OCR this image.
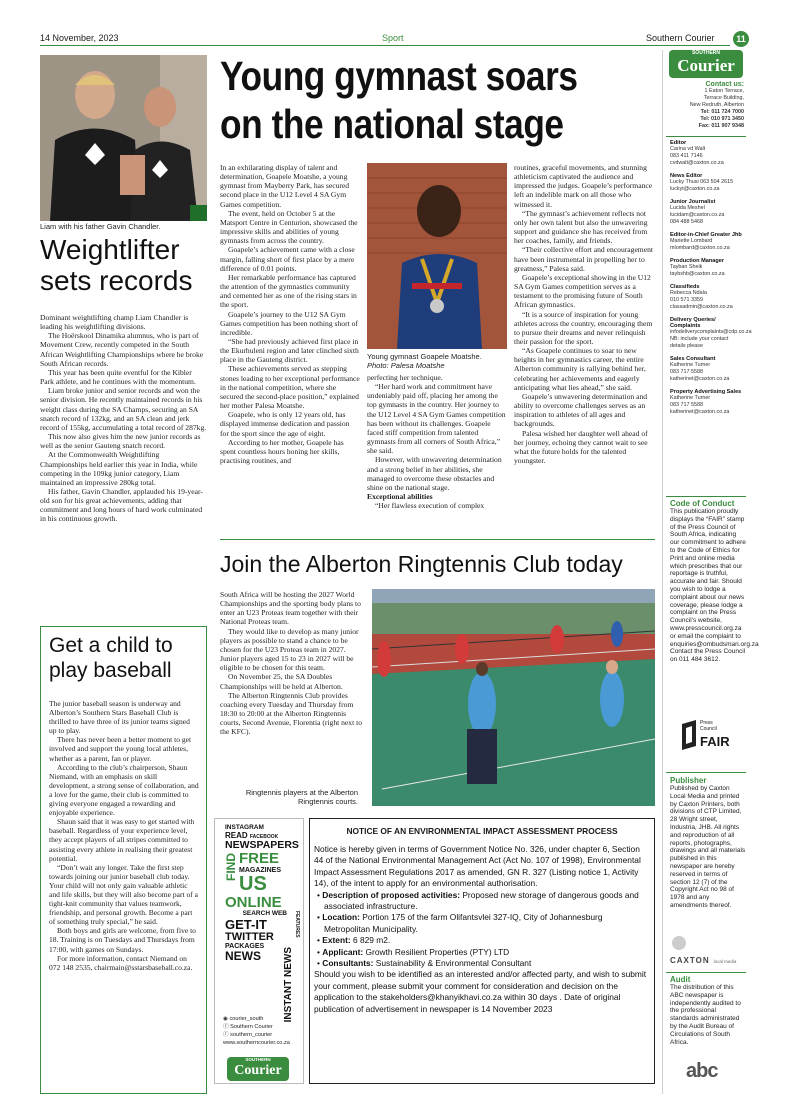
14 November, 2023	Sport	Southern Courier	11
Liam with his father Gavin Chandler.
Weightlifter
sets records

Dominant weightlifting champ Liam Chandler is leading his weightlifting divisions.

The Hoërskool Dinamika alumnus, who is part of Movement Crew, recently competed in the South African Weightlifting Championships where he broke South African records.

This year has been quite eventful for the Kibler Park athlete, and he continues with the momentum.

Liam broke junior and senior records and won the senior division. He recently maintained records in his weight class during the SA Champs, securing an SA snatch record of 132kg, and an SA clean and jerk record of 155kg, accumulating a total record of 287kg.

This now also gives him the new junior records as well as the senior Gauteng snatch record.

At the Commonwealth Weightlifting Championships held earlier this year in India, while competing in the 109kg junior category, Liam maintained an impressive 280kg total.

His father, Gavin Chandler, applauded his 19-year-old son for his great achievements, adding that commitment and long hours of hard work culminated in his continuous growth.

Get a child to
play baseball

The junior baseball season is underway and Alberton’s Southern Stars Baseball Club is thrilled to have three of its junior teams signed up to play.

There has never been a better moment to get involved and support the young local athletes, whether as a parent, fan or player.

According to the club’s chairperson, Shaun Niemand, with an emphasis on skill development, a strong sense of collaboration, and a love for the game, their club is committed to giving everyone engaged a rewarding and enjoyable experience.

Shaun said that it was easy to get started with baseball. Regardless of your experience level, they accept players of all stripes committed to assisting every athlete in realising their greatest potential.

“Don’t wait any longer. Take the first step towards joining our junior baseball club today. Your child will not only gain valuable athletic and life skills, but they will also become part of a tight-knit community that values teamwork, friendship, and personal growth. Become a part of something truly special,” he said.

Both boys and girls are welcome, from five to 18. Training is on Tuesdays and Thursdays from 17:00, with games on Sundays.

For more information, contact Niemand on 072 148 2535, chairmain@sstarsbaseball.co.za.

Young gymnast soars
on the national stage

In an exhilarating display of talent and determination, Goapele Moatshe, a young gymnast from Mayberry Park, has secured second place in the U12 Level 4 SA Gym Games competition.

The event, held on October 5 at the Matsport Centre in Centurion, showcased the impressive skills and abilities of young gymnasts from across the country.

Goapele’s achievement came with a close margin, falling short of first place by a mere difference of 0.01 points.

Her remarkable performance has captured the attention of the gymnastics community and cemented her as one of the rising stars in the sport.

Goapele’s journey to the U12 SA Gym Games competition has been nothing short of incredible.

“She had previously achieved first place in the Ekurhuleni region and later clinched sixth place in the Gauteng district.

These achievements served as stepping stones leading to her exceptional performance in the national competition, where she secured the second-place position,” explained her mother Palesa Moatshe.

Goapele, who is only 12 years old, has displayed immense dedication and passion for the sport since the age of eight.

According to her mother, Goapele has spent countless hours honing her skills, practising routines, and

Young gymnast Goapele Moatshe.
Photo: Palesa Moatshe

perfecting her technique.

“Her hard work and commitment have undeniably paid off, placing her among the top gymnasts in the country. Her journey to the U12 Level 4 SA Gym Games competition has been without its challenges. Goapele faced stiff competition from talented gymnasts from all corners of South Africa,” she said.

However, with unwavering determination and a strong belief in her abilities, she managed to overcome these obstacles and shine on the national stage.

Exceptional abilities

“Her flawless execution of complex

routines, graceful movements, and stunning athleticism captivated the audience and impressed the judges. Goapele’s performance left an indelible mark on all those who witnessed it.

“The gymnast’s achievement reflects not only her own talent but also the unwavering support and guidance she has received from her coaches, family, and friends.

“Their collective effort and encouragement have been instrumental in propelling her to greatness,” Palesa said.

Goapele’s exceptional showing in the U12 SA Gym Games competition serves as a testament to the promising future of South African gymnastics.

“It is a source of inspiration for young athletes across the country, encouraging them to pursue their dreams and never relinquish their passion for the sport.

“As Goapele continues to soar to new heights in her gymnastics career, the entire Alberton community is rallying behind her, celebrating her achievements and eagerly anticipating what lies ahead,” she said.

Goapele’s unwavering determination and ability to overcome challenges serves as an inspiration to athletes of all ages and backgrounds.

Palesa wished her daughter well ahead of her journey, echoing they cannot wait to see what the future holds for the talented youngster.

Join the Alberton Ringtennis Club today

South Africa will be hosting the 2027 World Championships and the sporting body plans to enter an U23 Proteas team together with their National Proteas team.

They would like to develop as many junior players as possible to stand a chance to be chosen for the U23 Proteas team in 2027. Junior players aged 15 to 23 in 2027 will be eligible to be chosen for this team.

On November 25, the SA Doubles Championships will be held at Alberton.

The Alberton Ringtennis Club provides coaching every Tuesday and Thursday from 18:30 to 20:00 at the Alberton Ringtennis courts, Second Avenue, Florentia (right next to the KFC).

Ringtennis players at the Alberton
Ringtennis courts.
INSTAGRAM
READ FACEBOOK
NEWSPAPERS
FIND FREE
MAGAZINES
US
ONLINE
SEARCH WEB
GET-IT
TWITTER
PACKAGES
NEWS
FEATURES
INSTANT NEWS
◉ courier_south
ⓕ Southern Courier
ⓣ southern_courier
www.southerncourier.co.za
SOUTHERN
Courier
NOTICE OF AN ENVIRONMENTAL IMPACT ASSESSMENT PROCESS

Notice is hereby given in terms of Government Notice No. 326, under chapter 6, Section 44 of the National Environmental Management Act (Act No. 107 of 1998), Environmental Impact Assessment Regulations 2017 as amended, GN R. 327 (Listing notice 1, Activity 14), of the intent to apply for an environmental authorisation.

• Description of proposed activities: Proposed new storage of dangerous goods and associated infrastructure.

• Location: Portion 175 of the farm Olifantsvlei 327-IQ, City of Johannesburg Metropolitan Municipality.

• Extent: 6 829 m2.

• Applicant: Growth Resilient Properties (PTY) LTD

• Consultants: Sustainability & Environmental Consultant

Should you wish to be identified as an interested and/or affected party, and wish to submit your comment, please submit your comment for consideration and decision on the application to the stakeholders@khanyikhavi.co.za within 30 days . Date of original publication of advertisement in newspaper is 14 November 2023

SOUTHERN
Courier
Contact us:
1 Eaton Terrace,
Terrace Building,
New Redruth, Alberton
Tel: 011 724 7000
Tel: 010 971 3450
Fax: 011 907 9348
Editor
Carina vd Walt
083 411 7146
cvdwalt@caxton.co.za
News Editor
Lucky Thusi 063 504 2615
luckyt@caxton.co.za
Junior Journalist
Lucida Meshel
lucidam@caxton.co.za
084 488 5468
Editor-in-Chief Greater Jhb
Mariette Lombard
mlombard@caxton.co.za
Production Manager
Tayban Sheik
taybshb@caxton.co.za
Classifieds
Rebecca Ndala
010 571 3359
classadmin@caxton.co.za
Delivery Queries/ Complaints
infodeliverycomplaints@cdp.co.za
NB: include your contact
details please
Sales Consultant
Katherine Turner
083 717 5588
katherinet@caxton.co.za
Property Advertising Sales
Katherine Turner
083 717 5588
katherinet@caxton.co.za
Code of Conduct
This publication proudly displays the “FAIR” stamp of the Press Council of South Africa, indicating our commitment to adhere to the Code of Ethics for Print and online media which prescribes that our reportage is truthful, accurate and fair. Should you wish to lodge a complaint about our news coverage, please lodge a complaint on the Press Council’s website, www.presscouncil.org.za or email the complaint to enquiries@ombudsman.org.za Contact the Press Council on 011 484 3612.
Press Council
FAIR
Publisher
Published by Caxton Local Media and printed by Caxton Printers, both divisions of CTP Limited, 28 Wright street, Industria, JHB. All rights and reproduction of all reports, photographs, drawings and all materials published in this newspaper are hereby reserved in terms of section 12 (7) of the Copyright Act no 98 of 1978 and any amendments thereof.
CAXTON local media
Audit
The distribution of this ABC newspaper is independently audited to the professional standards administrated by the Audit Bureau of Circulations of South Africa.
abc
